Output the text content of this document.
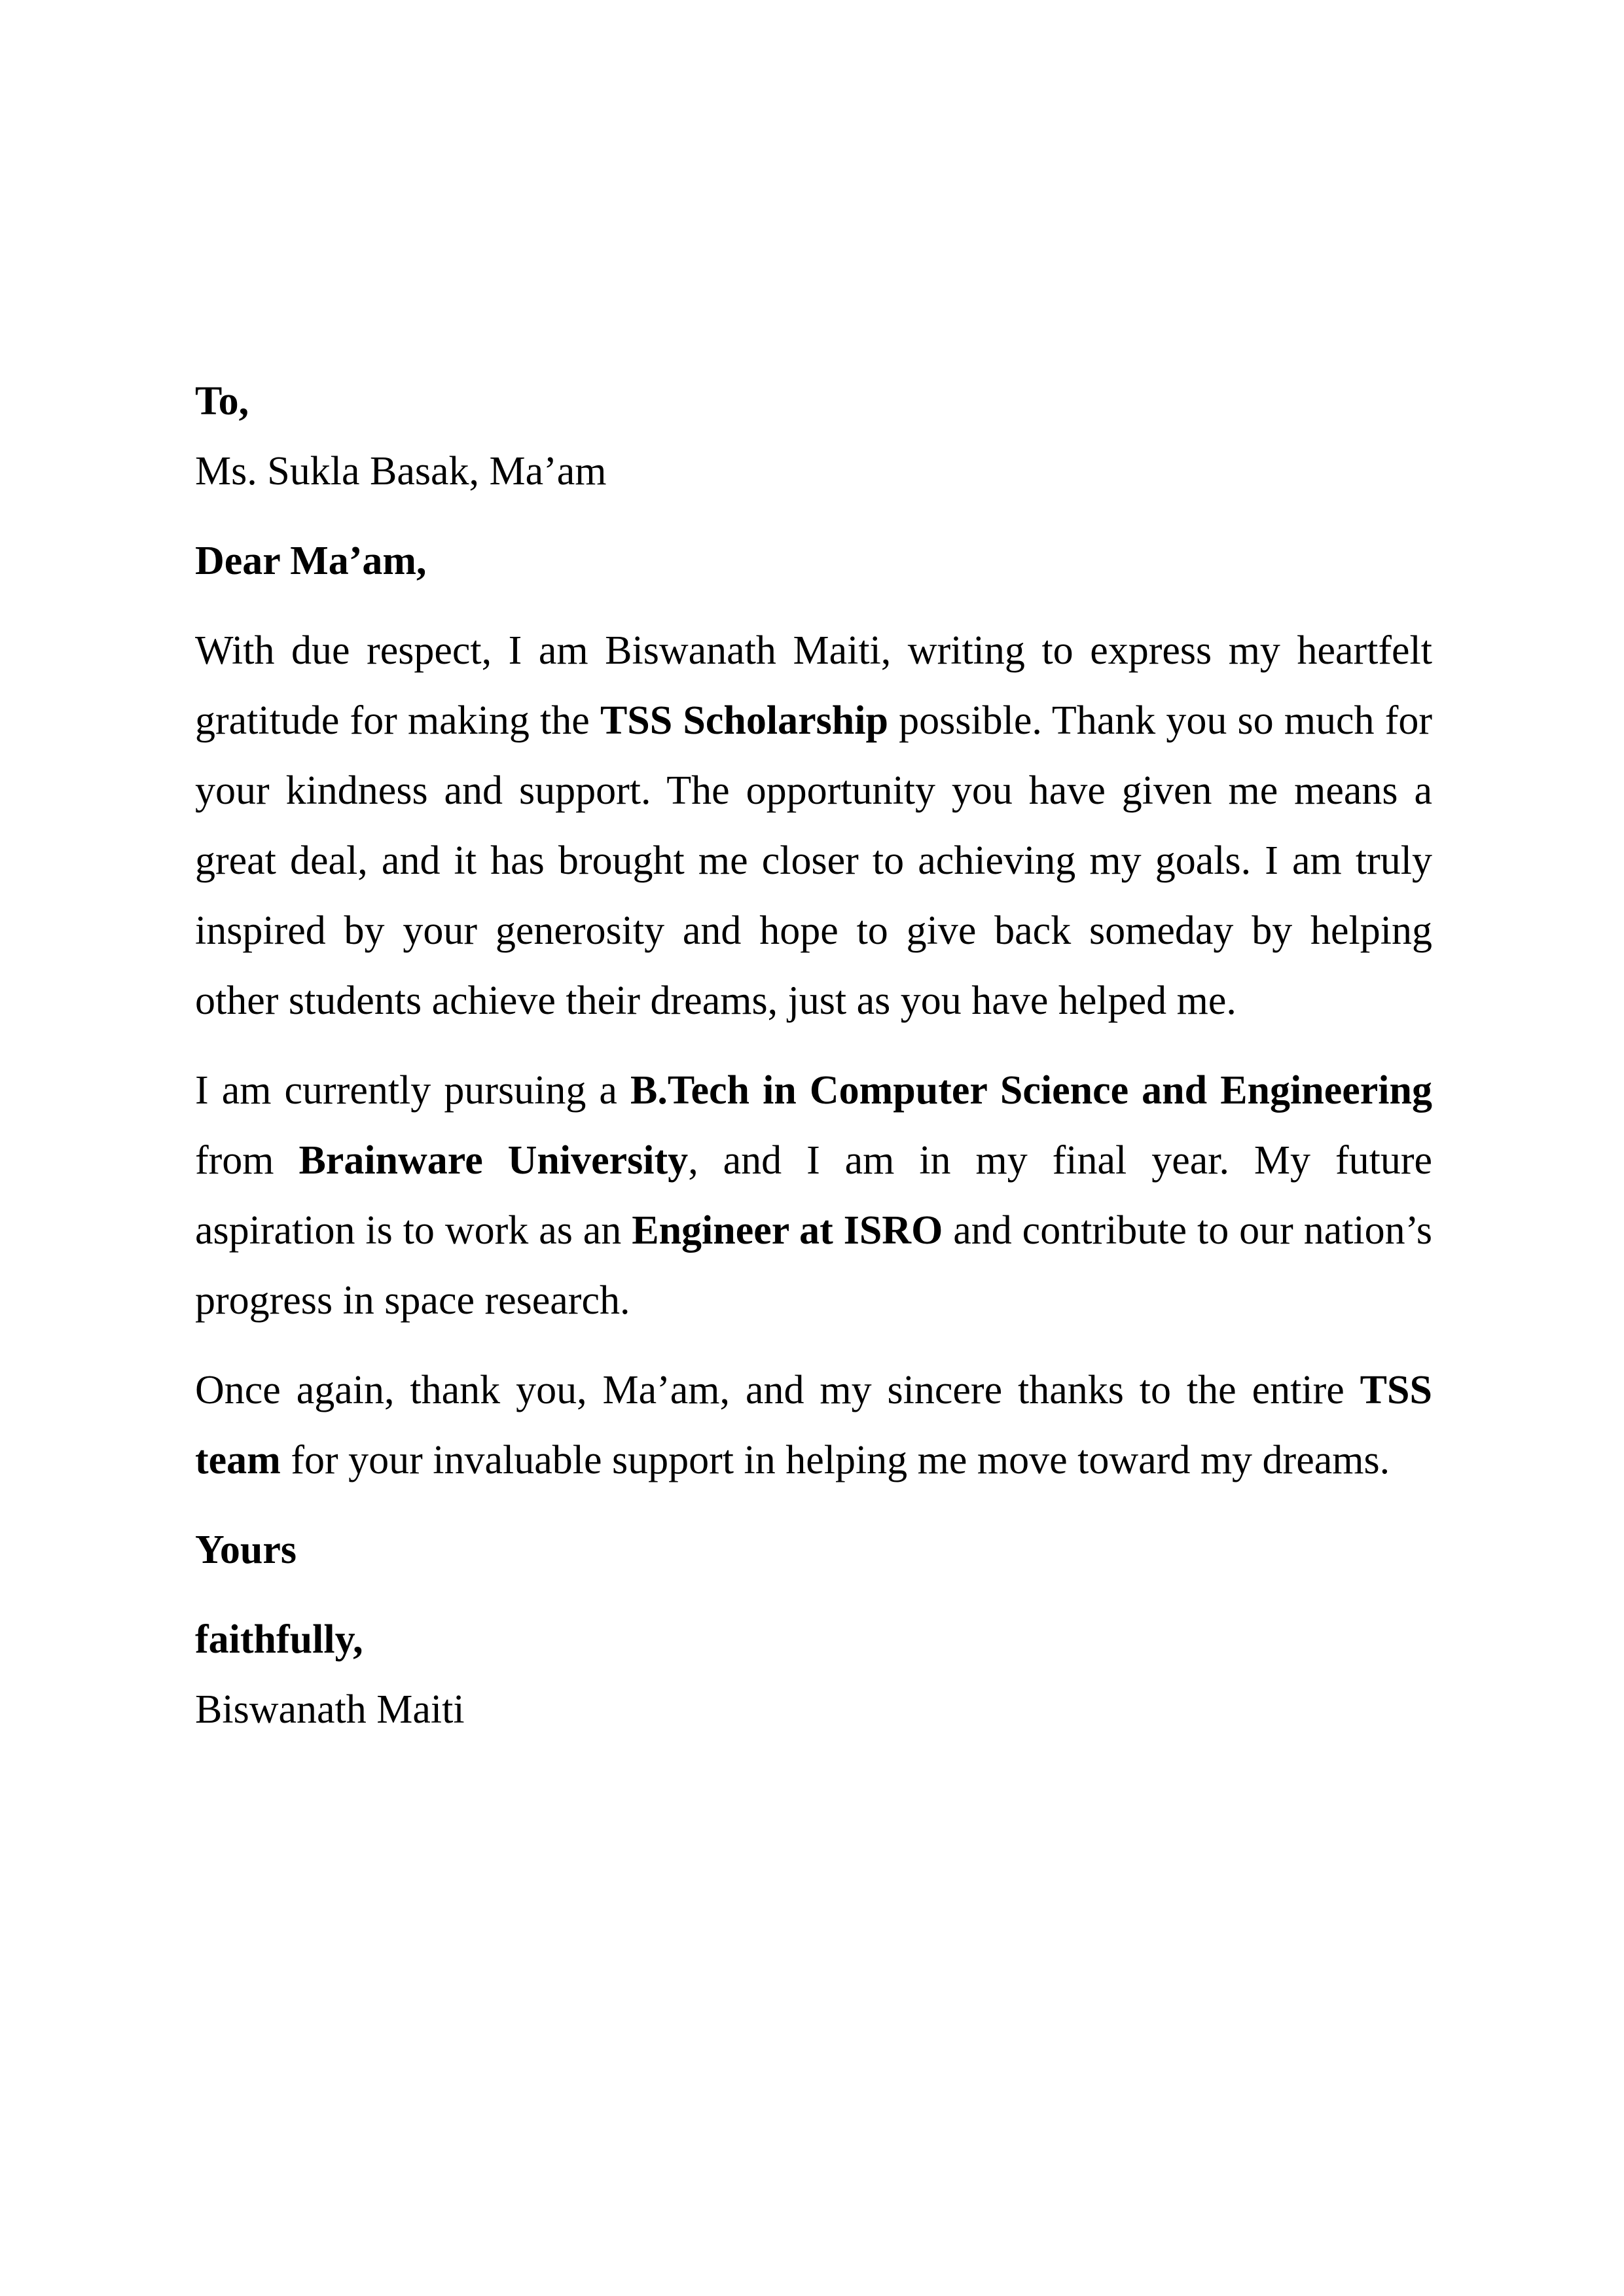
To,
Ms. Sukla Basak, Ma’am

Dear Ma’am,

With due respect, I am Biswanath Maiti, writing to express my heartfelt gratitude for making the TSS Scholarship possible. Thank you so much for your kindness and support. The opportunity you have given me means a great deal, and it has brought me closer to achieving my goals. I am truly inspired by your generosity and hope to give back someday by helping other students achieve their dreams, just as you have helped me.

I am currently pursuing a B.Tech in Computer Science and Engineering from Brainware University, and I am in my final year. My future aspiration is to work as an Engineer at ISRO and contribute to our nation’s progress in space research.

Once again, thank you, Ma’am, and my sincere thanks to the entire TSS team for your invaluable support in helping me move toward my dreams.

Yours

faithfully,
Biswanath Maiti
